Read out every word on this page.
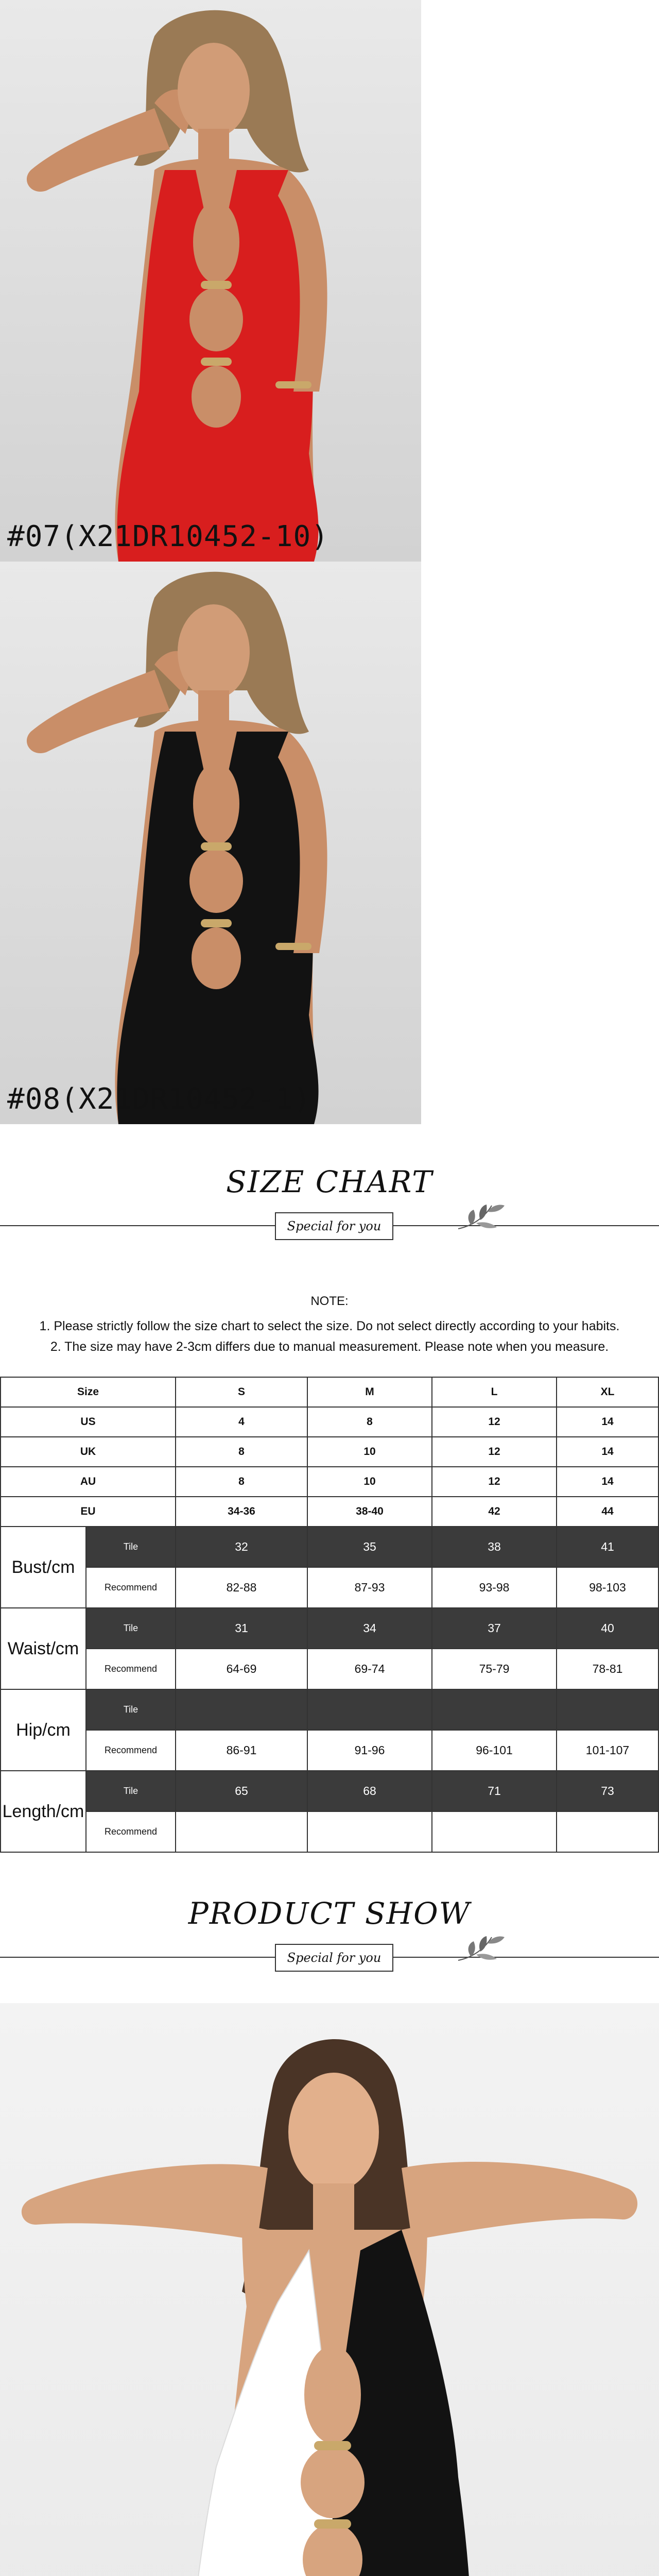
#07(X21DR10452-10)
#08(X21DR10452-1)
SIZE CHART
Special for you
NOTE:
1. Please strictly follow the size chart to select the size. Do not select directly according to your habits.
2. The size may have 2-3cm differs due to manual measurement. Please note when you measure.
Size		S	M	L	XL
US		4	8	12	14
UK		8	10	12	14
AU		8	10	12	14
EU		34-36	38-40	42	44
Bust/cm	Tile	32	35	38	41
	Recommend	82-88	87-93	93-98	98-103
Waist/cm	Tile	31	34	37	40
	Recommend	64-69	69-74	75-79	78-81
Hip/cm	Tile				
	Recommend	86-91	91-96	96-101	101-107
Length/cm	Tile	65	68	71	73
	Recommend				
PRODUCT SHOW
Special for you
